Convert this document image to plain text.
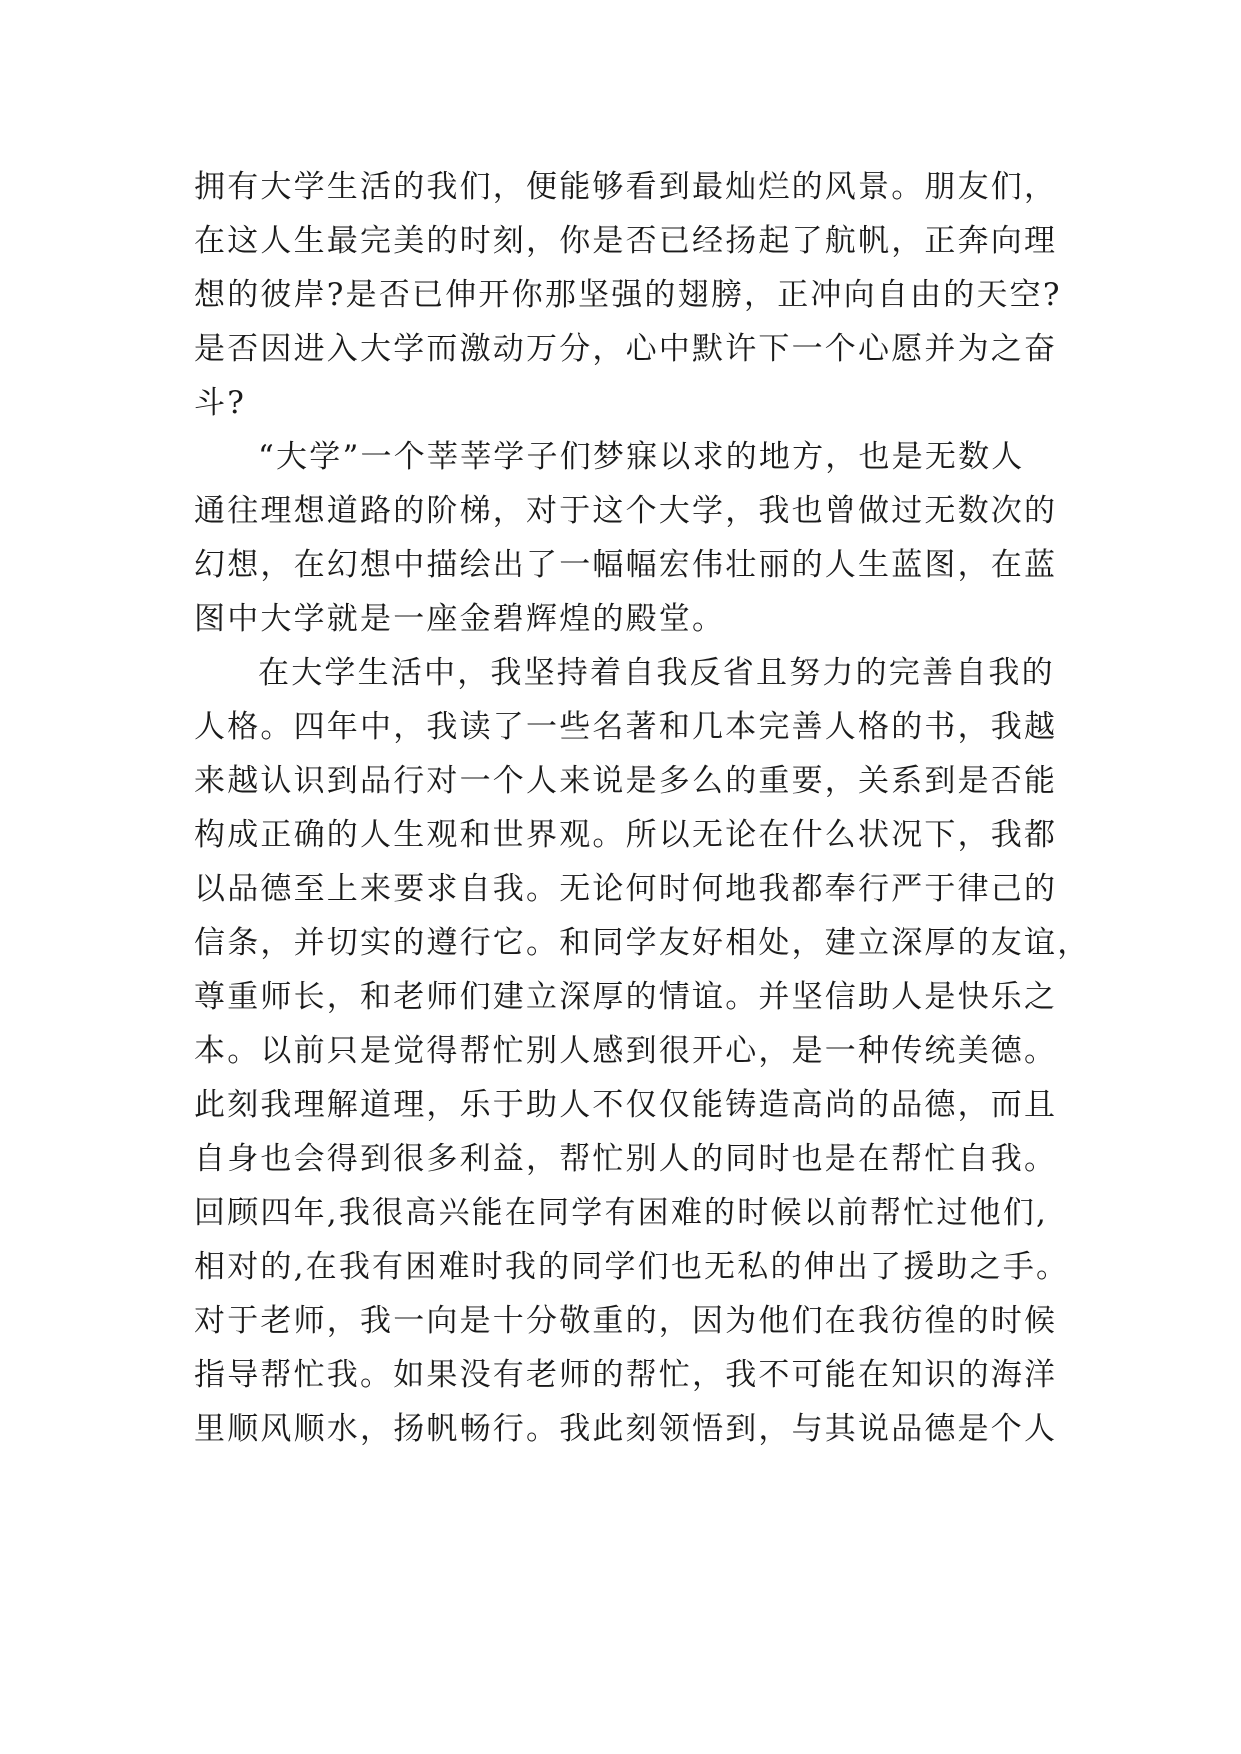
拥有大学生活的我们，便能够看到最灿烂的风景。朋友们，
在这人生最完美的时刻，你是否已经扬起了航帆，正奔向理
想的彼岸?是否已伸开你那坚强的翅膀，正冲向自由的天空?
是否因进入大学而激动万分，心中默许下一个心愿并为之奋
斗?
“大学”一个莘莘学子们梦寐以求的地方，也是无数人
通往理想道路的阶梯，对于这个大学，我也曾做过无数次的
幻想，在幻想中描绘出了一幅幅宏伟壮丽的人生蓝图，在蓝
图中大学就是一座金碧辉煌的殿堂。
在大学生活中，我坚持着自我反省且努力的完善自我的
人格。四年中，我读了一些名著和几本完善人格的书，我越
来越认识到品行对一个人来说是多么的重要，关系到是否能
构成正确的人生观和世界观。所以无论在什么状况下，我都
以品德至上来要求自我。无论何时何地我都奉行严于律己的
信条，并切实的遵行它。和同学友好相处，建立深厚的友谊，
尊重师长，和老师们建立深厚的情谊。并坚信助人是快乐之
本。以前只是觉得帮忙别人感到很开心，是一种传统美德。
此刻我理解道理，乐于助人不仅仅能铸造高尚的品德，而且
自身也会得到很多利益，帮忙别人的同时也是在帮忙自我。
回顾四年,我很高兴能在同学有困难的时候以前帮忙过他们,
相对的,在我有困难时我的同学们也无私的伸出了援助之手。
对于老师，我一向是十分敬重的，因为他们在我彷徨的时候
指导帮忙我。如果没有老师的帮忙，我不可能在知识的海洋
里顺风顺水，扬帆畅行。我此刻领悟到，与其说品德是个人
